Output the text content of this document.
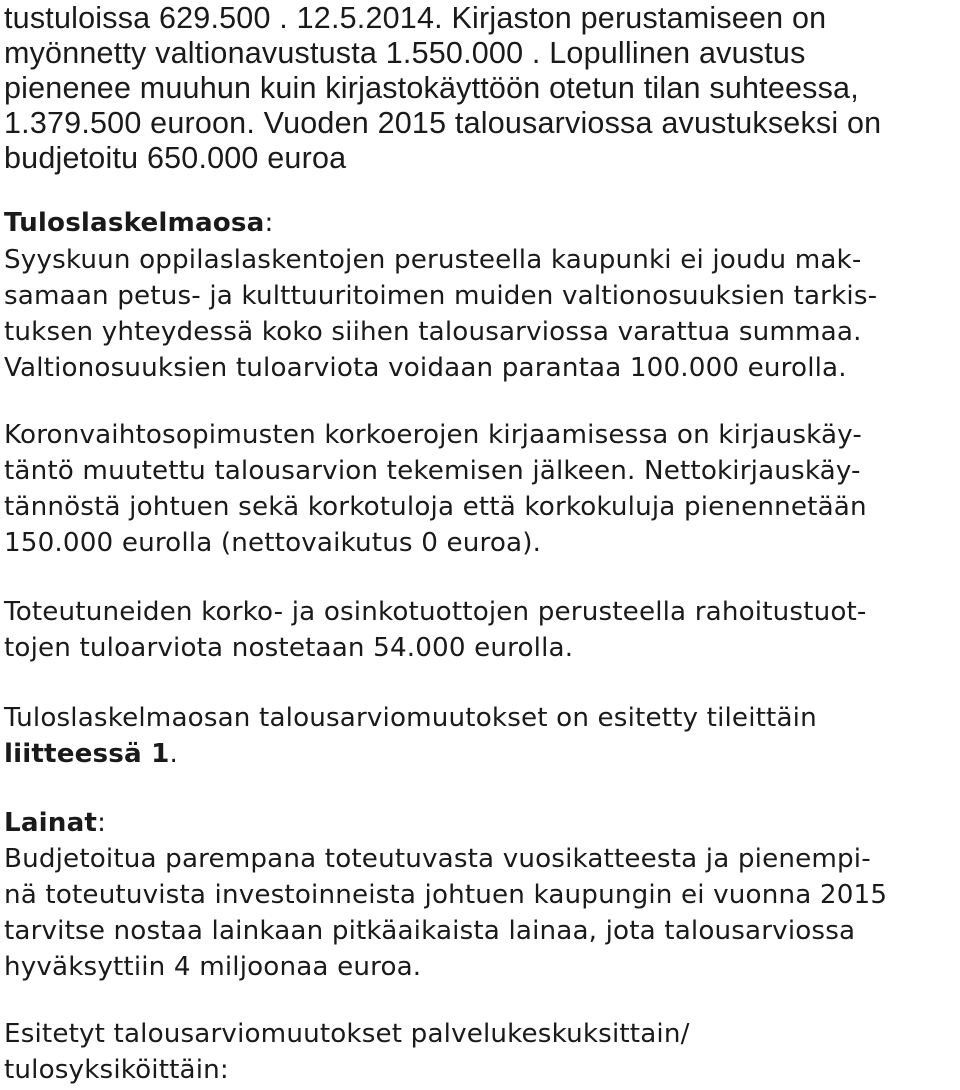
tustuloissa 629.500 . 12.5.2014. Kirjaston perustamiseen on
myönnetty valtionavustusta 1.550.000 . Lopullinen avustus
pienenee muuhun kuin kirjastokäyttöön otetun tilan suhteessa,
1.379.500 euroon. Vuoden 2015 talousarviossa avustukseksi on
budjetoitu 650.000 euroa
Tuloslaskelmaosa:
Syyskuun oppilaslaskentojen perusteella kaupunki ei joudu mak-
samaan petus- ja kulttuuritoimen muiden valtionosuuksien tarkis-
tuksen yhteydessä koko siihen talousarviossa varattua summaa.
Valtionosuuksien tuloarviota voidaan parantaa 100.000 eurolla.
Koronvaihtosopimusten korkoerojen kirjaamisessa on kirjauskäy-
täntö muutettu talousarvion tekemisen jälkeen. Nettokirjauskäy-
tännöstä johtuen sekä korkotuloja että korkokuluja pienennetään
150.000 eurolla (nettovaikutus 0 euroa).
Toteutuneiden korko- ja osinkotuottojen perusteella rahoitustuot-
tojen tuloarviota nostetaan 54.000 eurolla.
Tuloslaskelmaosan talousarviomuutokset on esitetty tileittäin
liitteessä 1.
Lainat:
Budjetoitua parempana toteutuvasta vuosikatteesta ja pienempi-
nä toteutuvista investoinneista johtuen kaupungin ei vuonna 2015
tarvitse nostaa lainkaan pitkäaikaista lainaa, jota talousarviossa
hyväksyttiin 4 miljoonaa euroa.
Esitetyt talousarviomuutokset palvelukeskuksittain/
tulosyksiköittäin:
